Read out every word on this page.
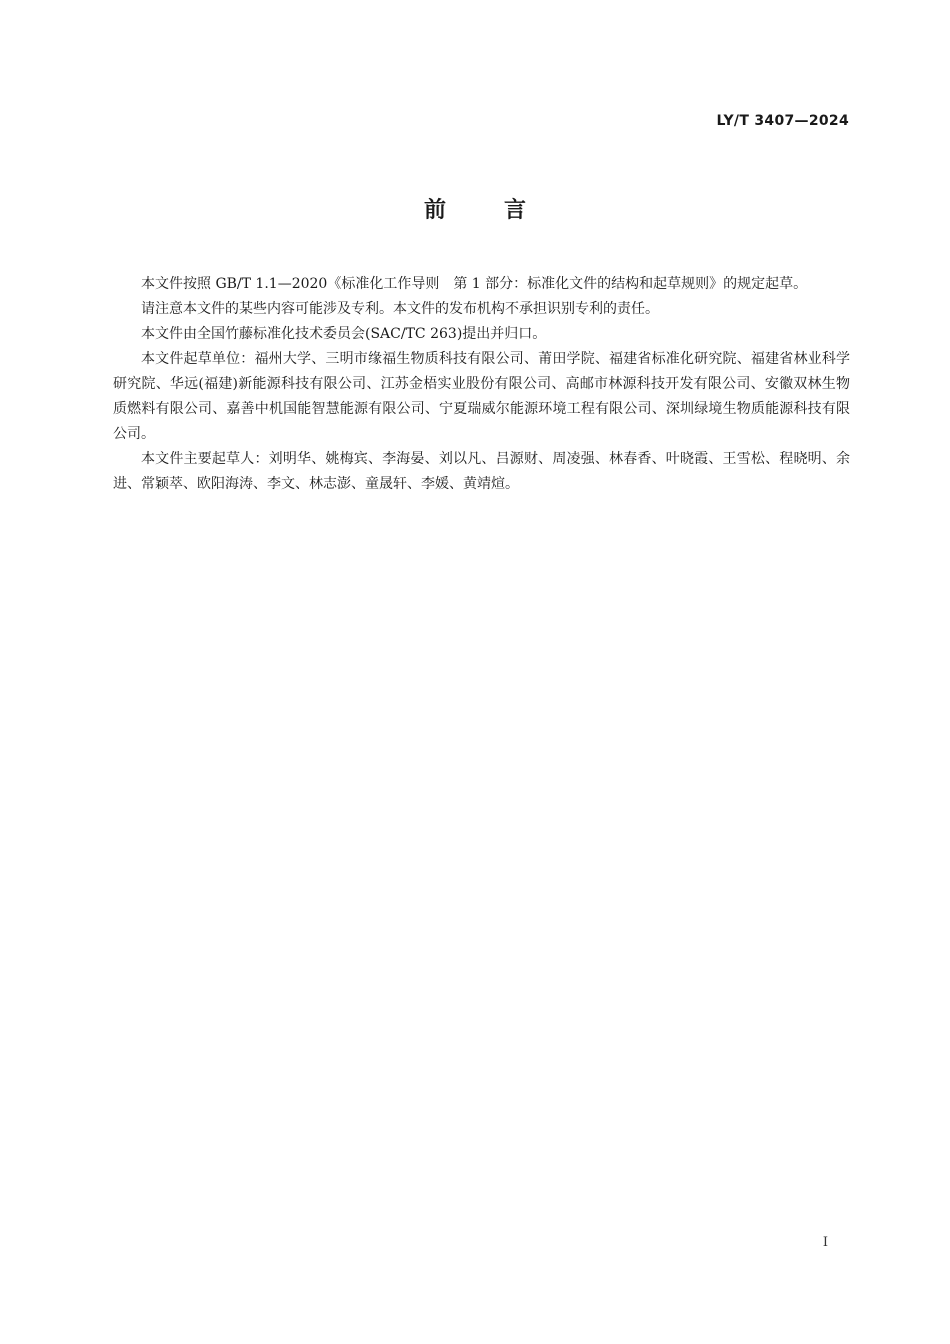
LY/T 3407—2024
前言

本文件按照 GB/T 1.1—2020《标准化工作导则　第 1 部分：标准化文件的结构和起草规则》的规定起草。

请注意本文件的某些内容可能涉及专利。本文件的发布机构不承担识别专利的责任。

本文件由全国竹藤标准化技术委员会(SAC/TC 263)提出并归口。

本文件起草单位：福州大学、三明市缘福生物质科技有限公司、莆田学院、福建省标准化研究院、福建省林业科学研究院、华远(福建)新能源科技有限公司、江苏金梧实业股份有限公司、高邮市林源科技开发有限公司、安徽双林生物质燃料有限公司、嘉善中机国能智慧能源有限公司、宁夏瑞威尔能源环境工程有限公司、深圳绿境生物质能源科技有限公司。

本文件主要起草人：刘明华、姚梅宾、李海晏、刘以凡、吕源财、周凌强、林春香、叶晓霞、王雪松、程晓明、余进、常颖萃、欧阳海涛、李文、林志澎、童晟轩、李媛、黄靖煊。

I
